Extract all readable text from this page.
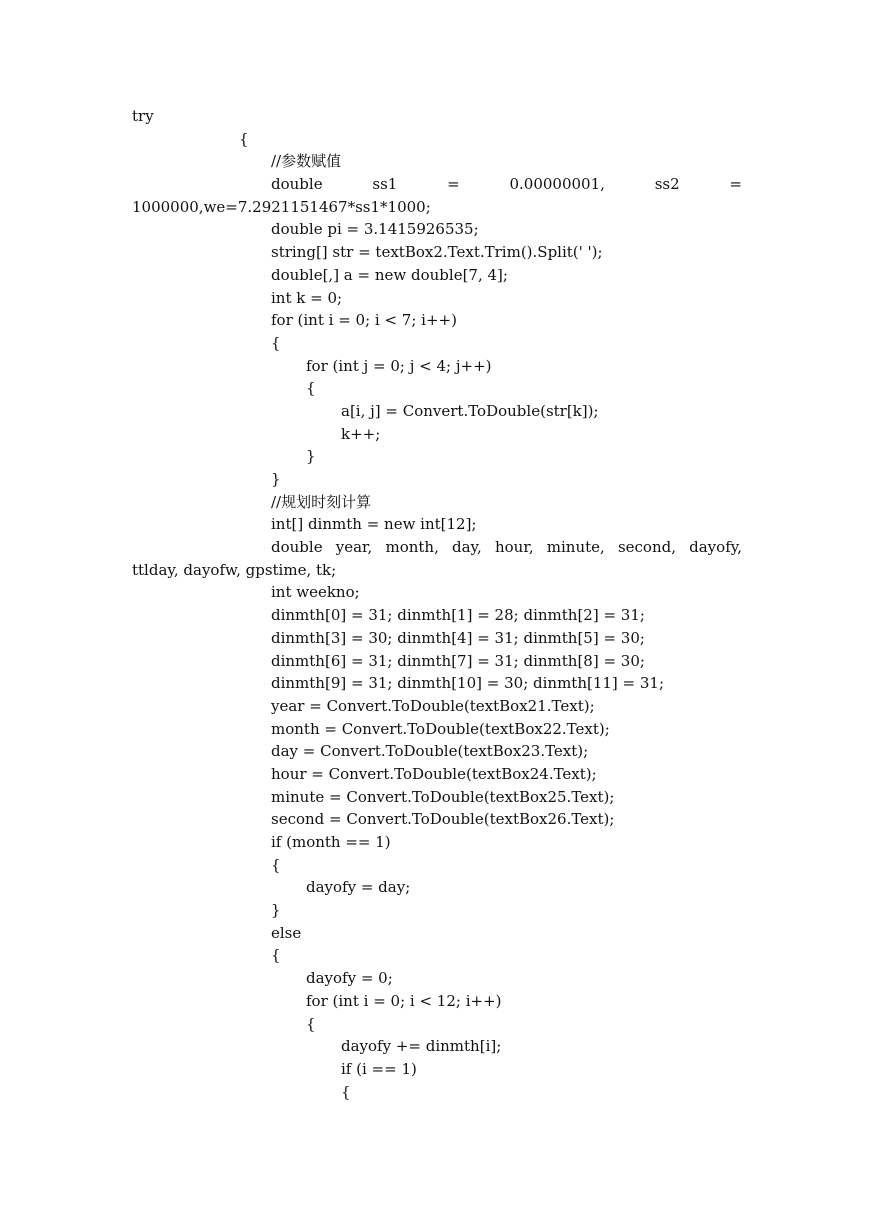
try
{
//参数赋值
double ss1 = 0.00000001, ss2 =
1000000,we=7.2921151467*ss1*1000;
double pi = 3.1415926535;
string[] str = textBox2.Text.Trim().Split(' ');
double[,] a = new double[7, 4];
int k = 0;
for (int i = 0; i < 7; i++)
{
for (int j = 0; j < 4; j++)
{
a[i, j] = Convert.ToDouble(str[k]);
k++;
}
}
//规划时刻计算
int[] dinmth = new int[12];
double year, month, day, hour, minute, second, dayofy,
ttlday, dayofw, gpstime, tk;
int weekno;
dinmth[0] = 31; dinmth[1] = 28; dinmth[2] = 31;
dinmth[3] = 30; dinmth[4] = 31; dinmth[5] = 30;
dinmth[6] = 31; dinmth[7] = 31; dinmth[8] = 30;
dinmth[9] = 31; dinmth[10] = 30; dinmth[11] = 31;
year = Convert.ToDouble(textBox21.Text);
month = Convert.ToDouble(textBox22.Text);
day = Convert.ToDouble(textBox23.Text);
hour = Convert.ToDouble(textBox24.Text);
minute = Convert.ToDouble(textBox25.Text);
second = Convert.ToDouble(textBox26.Text);
if (month == 1)
{
dayofy = day;
}
else
{
dayofy = 0;
for (int i = 0; i < 12; i++)
{
dayofy += dinmth[i];
if (i == 1)
{
